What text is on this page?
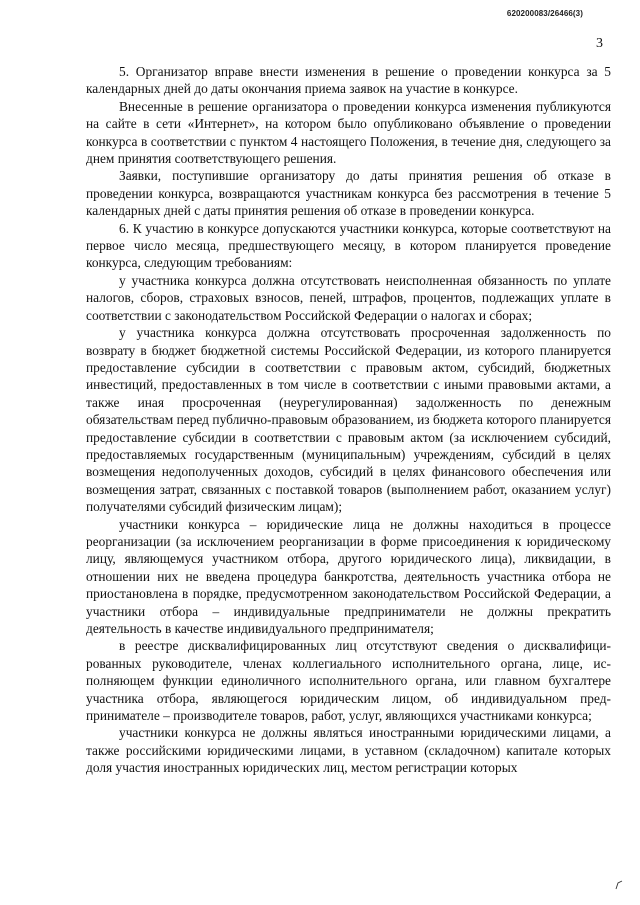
620200083/26466(3)
3

5. Организатор вправе внести изменения в решение о проведении конкурса за 5 календарных дней до даты окончания приема заявок на участие в конкурсе.

Внесенные в решение организатора о проведении конкурса изменения публикуются на сайте в сети «Интернет», на котором было опубликовано объявление о проведении конкурса в соответствии с пунктом 4 настоящего Положения, в течение дня, следующего за днем принятия соответствующего решения.

Заявки, поступившие организатору до даты принятия решения об отказе в проведении конкурса, возвращаются участникам конкурса без рассмотрения в течение 5 календарных дней с даты принятия решения об отказе в проведении конкурса.

6. К участию в конкурсе допускаются участники конкурса, которые соответствуют на первое число месяца, предшествующего месяцу, в котором планируется проведение конкурса, следующим требованиям:

у участника конкурса должна отсутствовать неисполненная обязанность по уплате налогов, сборов, страховых взносов, пеней, штрафов, процентов, подлежащих уплате в соответствии с законодательством Российской Федерации о налогах и сборах;

у участника конкурса должна отсутствовать просроченная задолженность по возврату в бюджет бюджетной системы Российской Федерации, из которого планируется предоставление субсидии в соответствии с правовым актом, субсидий, бюджетных инвестиций, предоставленных в том числе в соответствии с иными правовыми актами, а также иная просроченная (неурегулированная) задолженность по денежным обязательствам перед публично-правовым образованием, из бюджета которого планируется предоставление субсидии в соответствии с правовым актом (за исключением субсидий, предоставляемых государственным (муниципальным) учреждениям, субсидий в целях возмещения недополученных доходов, субсидий в целях финансового обеспечения или возмещения затрат, связанных с поставкой товаров (выполнением работ, оказанием услуг) получателями субсидий физическим лицам);

участники конкурса – юридические лица не должны находиться в процессе реорганизации (за исключением реорганизации в форме присоединения к юридическому лицу, являющемуся участником отбора, другого юридического лица), ликвидации, в отношении них не введена процедура банкротства, деятельность участника отбора не приостановлена в порядке, предусмотренном законодательством Российской Федерации, а участники отбора – индивидуальные предприниматели не должны прекратить деятельность в качестве индивидуального предпринимателя;

в реестре дисквалифицированных лиц отсутствуют сведения о дисквалифицированных руководителе, членах коллегиального исполнительного органа, лице, исполняющем функции единоличного исполнительного органа, или главном бухгалтере участника отбора, являющегося юридическим лицом, об индивидуальном предпринимателе – производителе товаров, работ, услуг, являющихся участниками конкурса;

участники конкурса не должны являться иностранными юридическими лицами, а также российскими юридическими лицами, в уставном (складочном) капитале которых доля участия иностранных юридических лиц, местом регистрации которых
